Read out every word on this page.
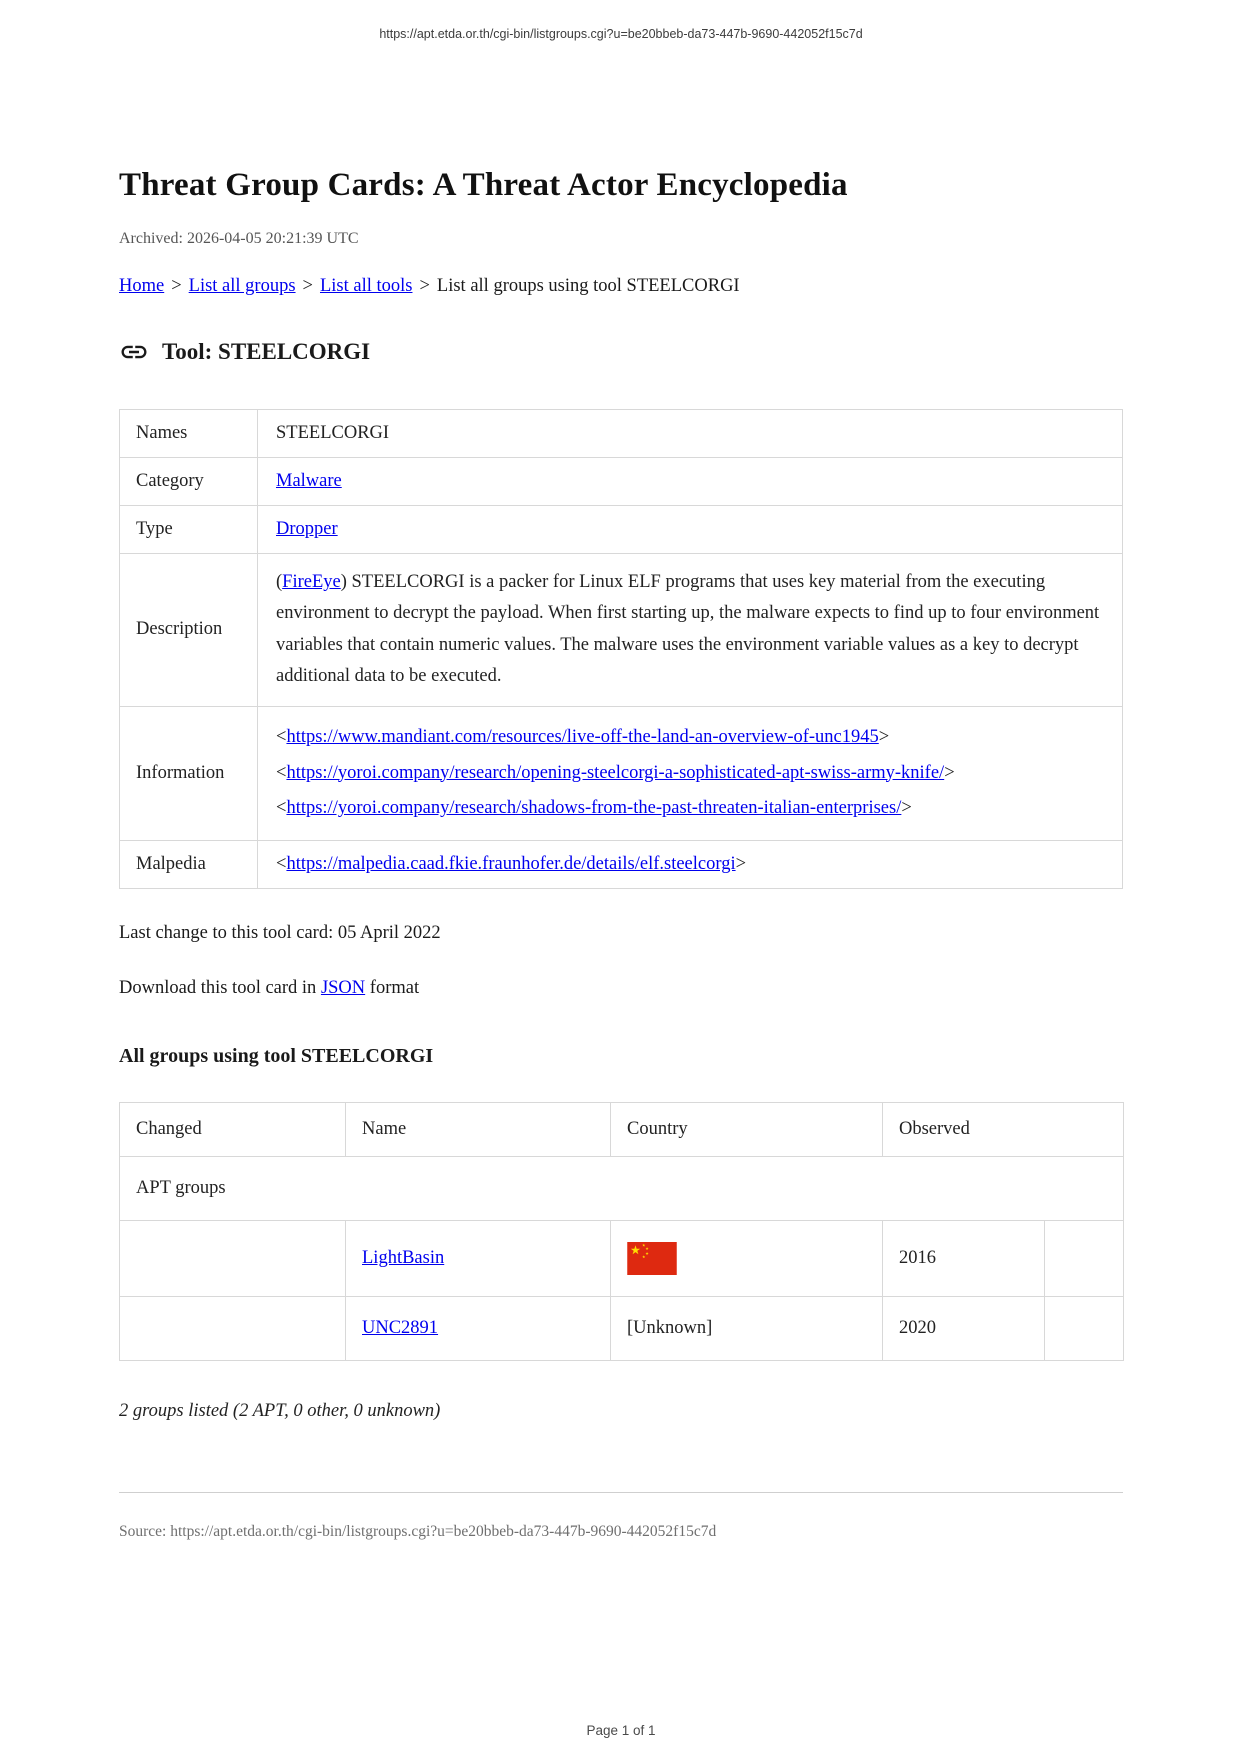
https://apt.etda.or.th/cgi-bin/listgroups.cgi?u=be20bbeb-da73-447b-9690-442052f15c7d
Threat Group Cards: A Threat Actor Encyclopedia
Archived: 2026-04-05 20:21:39 UTC
Home > List all groups > List all tools > List all groups using tool STEELCORGI
Tool: STEELCORGI
Names	STEELCORGI
Category	Malware
Type	Dropper
Description	(FireEye) STEELCORGI is a packer for Linux ELF programs that uses key material from the executing environment to decrypt the payload. When first starting up, the malware expects to find up to four environment variables that contain numeric values. The malware uses the environment variable values as a key to decrypt additional data to be executed.
Information	<https://www.mandiant.com/resources/live-off-the-land-an-overview-of-unc1945>
<https://yoroi.company/research/opening-steelcorgi-a-sophisticated-apt-swiss-army-knife/>
<https://yoroi.company/research/shadows-from-the-past-threaten-italian-enterprises/>

Malpedia	<https://malpedia.caad.fkie.fraunhofer.de/details/elf.steelcorgi>
Last change to this tool card: 05 April 2022
Download this tool card in JSON format
All groups using tool STEELCORGI
Changed	Name	Country	Observed	
APT groups				
	LightBasin		2016	
	UNC2891	[Unknown]	2020	
2 groups listed (2 APT, 0 other, 0 unknown)
Source: https://apt.etda.or.th/cgi-bin/listgroups.cgi?u=be20bbeb-da73-447b-9690-442052f15c7d
Page 1 of 1
